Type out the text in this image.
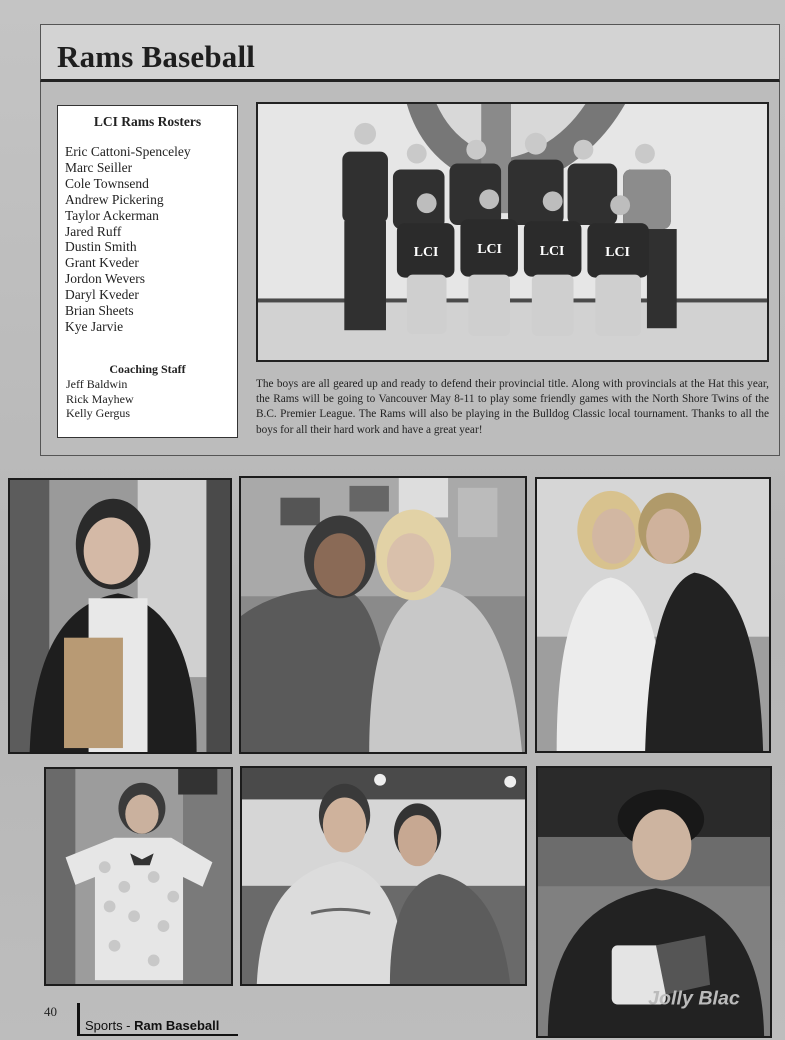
Rams Baseball
LCI Rams Rosters
Eric Cattoni-Spenceley
Marc Seiller
Cole Townsend
Andrew Pickering
Taylor Ackerman
Jared Ruff
Dustin Smith
Grant Kveder
Jordon Wevers
Daryl Kveder
Brian Sheets
Kye Jarvie
Coaching Staff
Jeff Baldwin
Rick Mayhew
Kelly Gergus
LCI	LCI	LCI	LCI

The boys are all geared up and ready to defend their provincial title. Along with provincials at the Hat this year, the Rams will be going to Vancouver May 8-11 to play some friendly games with the North Shore Twins of the B.C. Premier League. The Rams will also be playing in the Bulldog Classic local tournament. Thanks to all the boys for all their hard work and have a great year!

Jolly Blac
40
Sports - Ram Baseball
